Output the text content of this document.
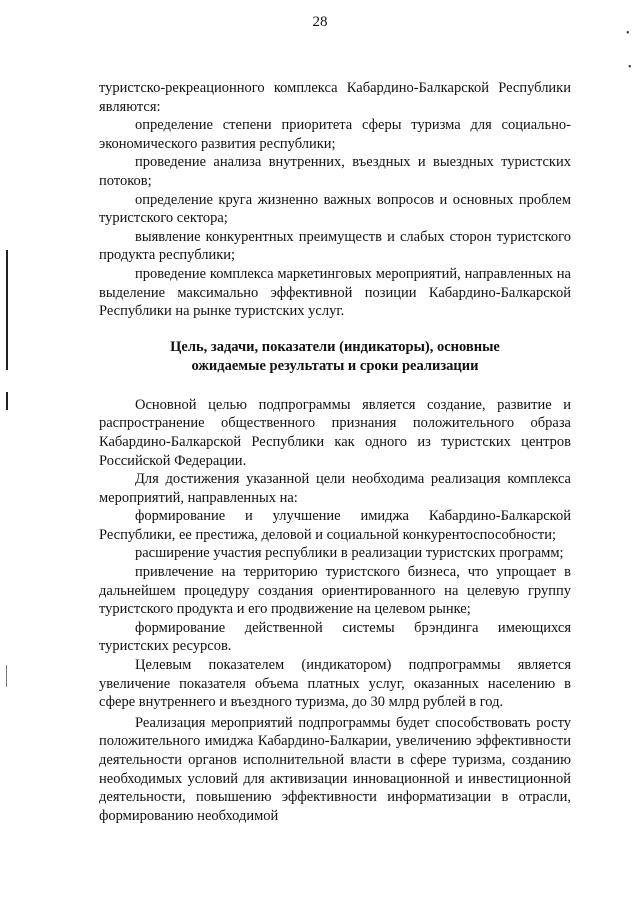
28
•
•

туристско-рекреационного комплекса Кабардино-Балкарской Республики являются:

определение степени приоритета сферы туризма для социально-экономического развития республики;

проведение анализа внутренних, въездных и выездных туристских потоков;

определение круга жизненно важных вопросов и основных проблем туристского сектора;

выявление конкурентных преимуществ и слабых сторон туристского продукта республики;

проведение комплекса маркетинговых мероприятий, направленных на выделение максимально эффективной позиции Кабардино-Балкарской Республики на рынке туристских услуг.

Цель, задачи, показатели (индикаторы), основные

ожидаемые результаты и сроки реализации

Основной целью подпрограммы является создание, развитие и распространение общественного признания положительного образа Кабардино-Балкарской Республики как одного из туристских центров Российской Федерации.

Для достижения указанной цели необходима реализация комплекса мероприятий, направленных на:

формирование и улучшение имиджа Кабардино-Балкарской Республики, ее престижа, деловой и социальной конкурентоспособности;

расширение участия республики в реализации туристских программ;

привлечение на территорию туристского бизнеса, что упрощает в дальнейшем процедуру создания ориентированного на целевую группу туристского продукта и его продвижение на целевом рынке;

формирование действенной системы брэндинга имеющихся туристских ресурсов.

Целевым показателем (индикатором) подпрограммы является увеличение показателя объема платных услуг, оказанных населению в сфере внутреннего и въездного туризма, до 30 млрд рублей в год.

Реализация мероприятий подпрограммы будет способствовать росту положительного имиджа Кабардино-Балкарии, увеличению эффективности деятельности органов исполнительной власти в сфере туризма, созданию необходимых условий для активизации инновационной и инвестиционной деятельности, повышению эффективности информатизации в отрасли, формированию необходимой
